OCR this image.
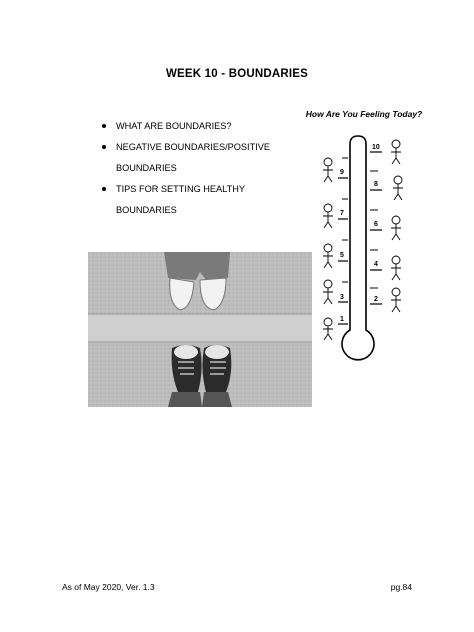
WEEK 10 - BOUNDARIES
WHAT ARE BOUNDARIES?
NEGATIVE BOUNDARIES/POSITIVE
BOUNDARIES
TIPS FOR SETTING HEALTHY
BOUNDARIES
How Are You Feeling Today?
9
7
5
3
1
10
8
6
4
2
As of May 2020, Ver. 1.3	pg.84
